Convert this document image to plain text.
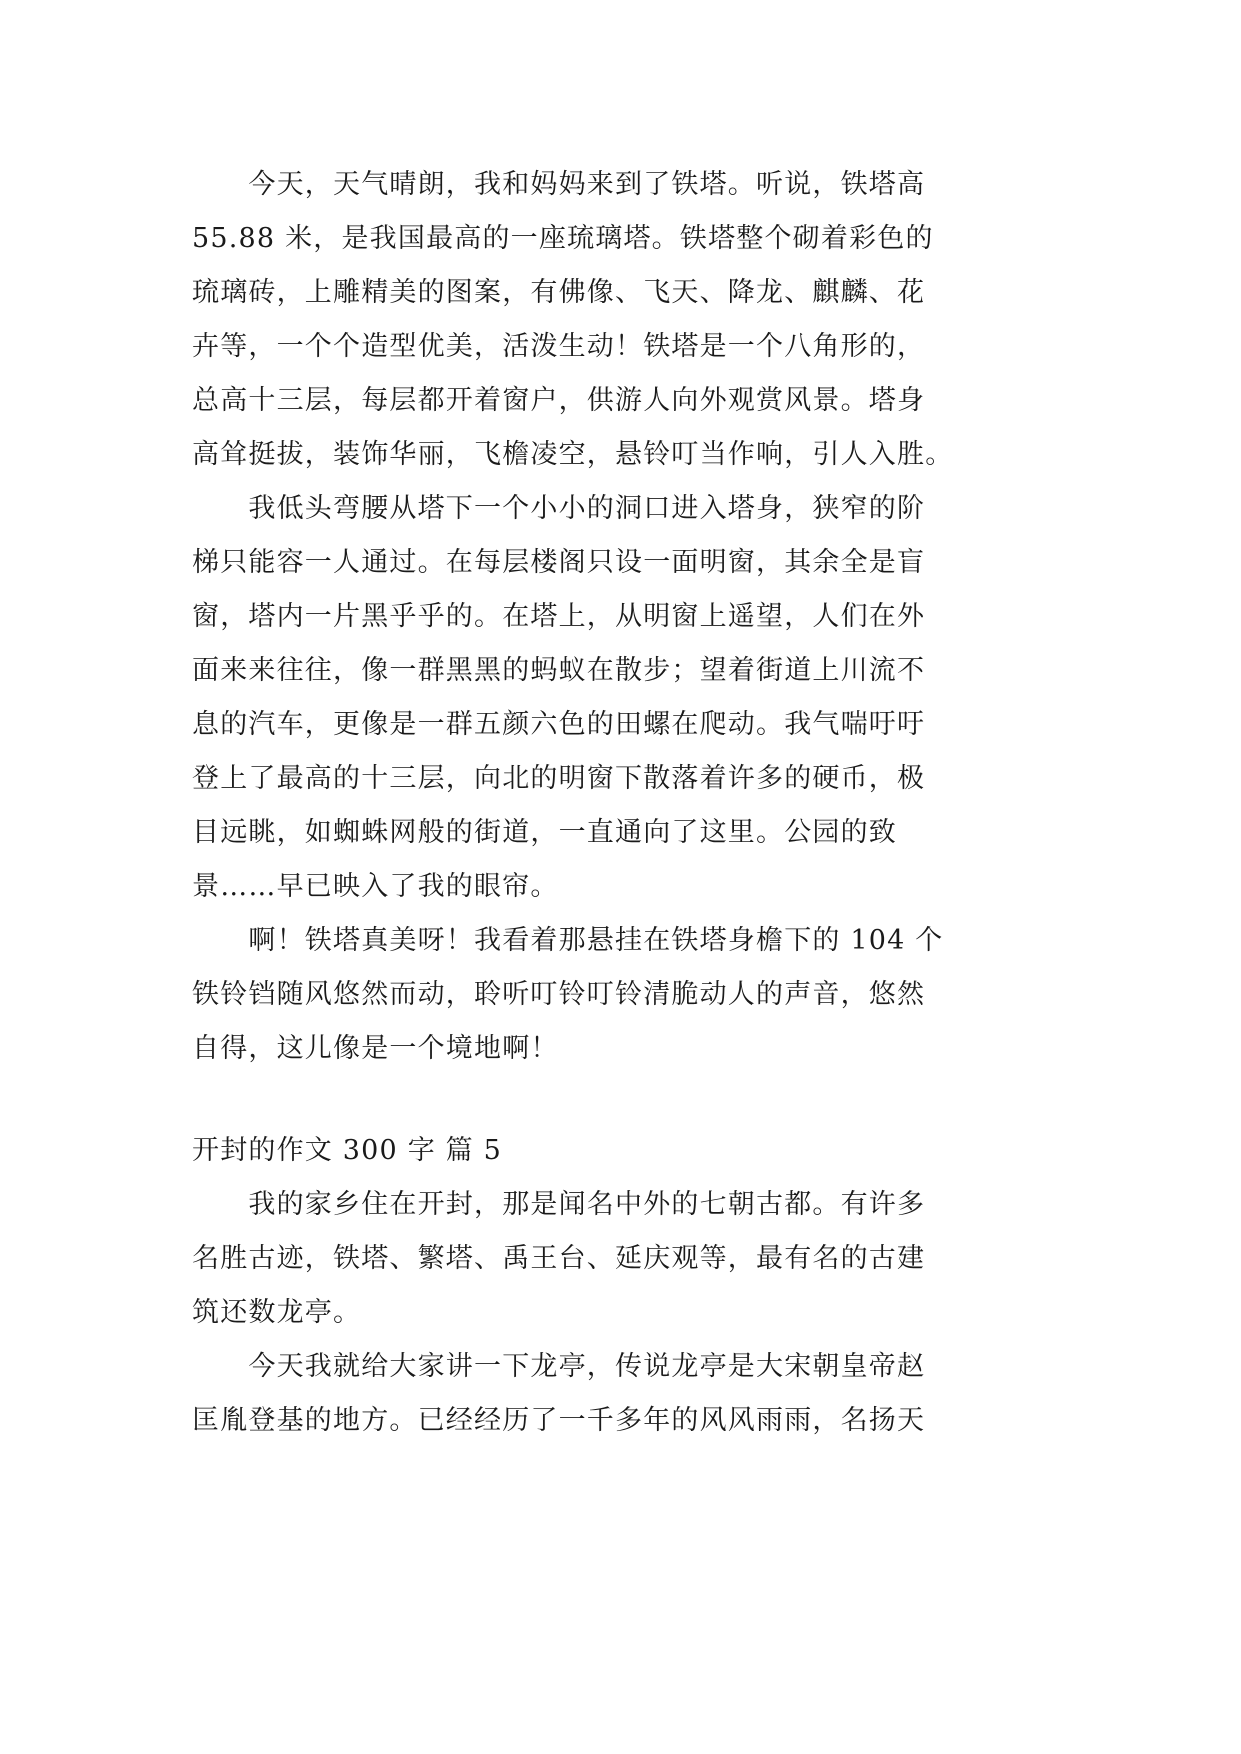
　　今天，天气晴朗，我和妈妈来到了铁塔。听说，铁塔高
55.88 米，是我国最高的一座琉璃塔。铁塔整个砌着彩色的
琉璃砖，上雕精美的图案，有佛像、飞天、降龙、麒麟、花
卉等，一个个造型优美，活泼生动！铁塔是一个八角形的，
总高十三层，每层都开着窗户，供游人向外观赏风景。塔身
高耸挺拔，装饰华丽，飞檐凌空，悬铃叮当作响，引人入胜。
　　我低头弯腰从塔下一个小小的洞口进入塔身，狭窄的阶
梯只能容一人通过。在每层楼阁只设一面明窗，其余全是盲
窗，塔内一片黑乎乎的。在塔上，从明窗上遥望，人们在外
面来来往往，像一群黑黑的蚂蚁在散步；望着街道上川流不
息的汽车，更像是一群五颜六色的田螺在爬动。我气喘吁吁
登上了最高的十三层，向北的明窗下散落着许多的硬币，极
目远眺，如蜘蛛网般的街道，一直通向了这里。公园的致
景……早已映入了我的眼帘。
　　啊！铁塔真美呀！我看着那悬挂在铁塔身檐下的 104 个
铁铃铛随风悠然而动，聆听叮铃叮铃清脆动人的声音，悠然
自得，这儿像是一个境地啊！
开封的作文 300 字 篇 5
　　我的家乡住在开封，那是闻名中外的七朝古都。有许多
名胜古迹，铁塔、繁塔、禹王台、延庆观等，最有名的古建
筑还数龙亭。
　　今天我就给大家讲一下龙亭，传说龙亭是大宋朝皇帝赵
匡胤登基的地方。已经经历了一千多年的风风雨雨，名扬天
